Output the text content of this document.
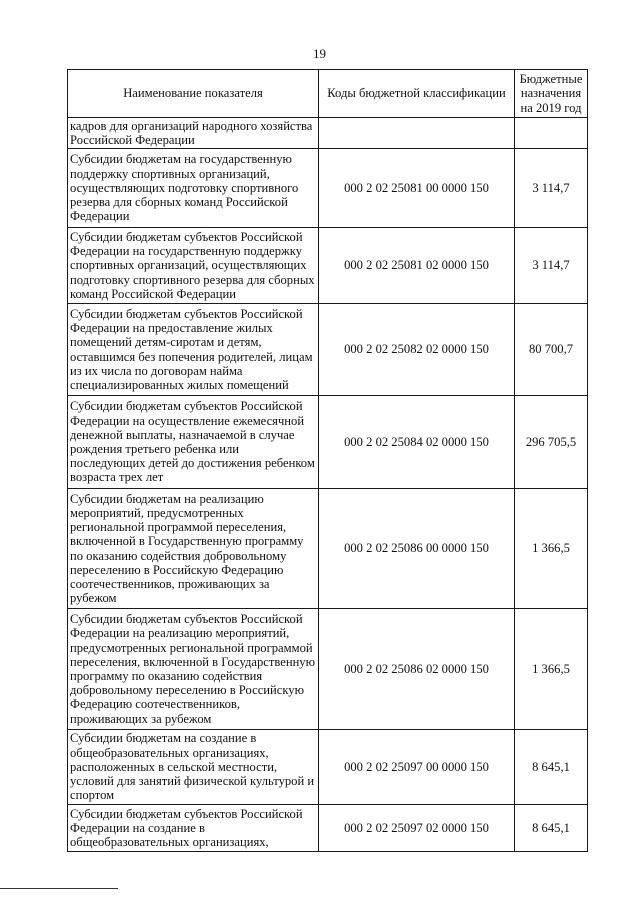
19
Наименование показателя	Коды бюджетной классификации	Бюджетные назначения на 2019 год
кадров для организаций народного хозяйства Российской Федерации		
Субсидии бюджетам на государственную поддержку спортивных организаций, осуществляющих подготовку спортивного резерва для сборных команд Российской Федерации	000 2 02 25081 00 0000 150	3 114,7
Субсидии бюджетам субъектов Российской Федерации на государственную поддержку спортивных организаций, осуществляющих подготовку спортивного резерва для сборных команд Российской Федерации	000 2 02 25081 02 0000 150	3 114,7
Субсидии бюджетам субъектов Российской Федерации на предоставление жилых помещений детям-сиротам и детям, оставшимся без попечения родителей, лицам из их числа по договорам найма специализированных жилых помещений	000 2 02 25082 02 0000 150	80 700,7
Субсидии бюджетам субъектов Российской Федерации на осуществление ежемесячной денежной выплаты, назначаемой в случае рождения третьего ребенка или последующих детей до достижения ребенком возраста трех лет	000 2 02 25084 02 0000 150	296 705,5
Субсидии бюджетам на реализацию мероприятий, предусмотренных региональной программой переселения, включенной в Государственную программу по оказанию содействия добровольному переселению в Российскую Федерацию соотечественников, проживающих за рубежом	000 2 02 25086 00 0000 150	1 366,5
Субсидии бюджетам субъектов Российской Федерации на реализацию мероприятий, предусмотренных региональной программой переселения, включенной в Государственную программу по оказанию содействия добровольному переселению в Российскую Федерацию соотечественников, проживающих за рубежом	000 2 02 25086 02 0000 150	1 366,5
Субсидии бюджетам на создание в общеобразовательных организациях, расположенных в сельской местности, условий для занятий физической культурой и спортом	000 2 02 25097 00 0000 150	8 645,1
Субсидии бюджетам субъектов Российской Федерации на создание в общеобразовательных организациях,	000 2 02 25097 02 0000 150	8 645,1
